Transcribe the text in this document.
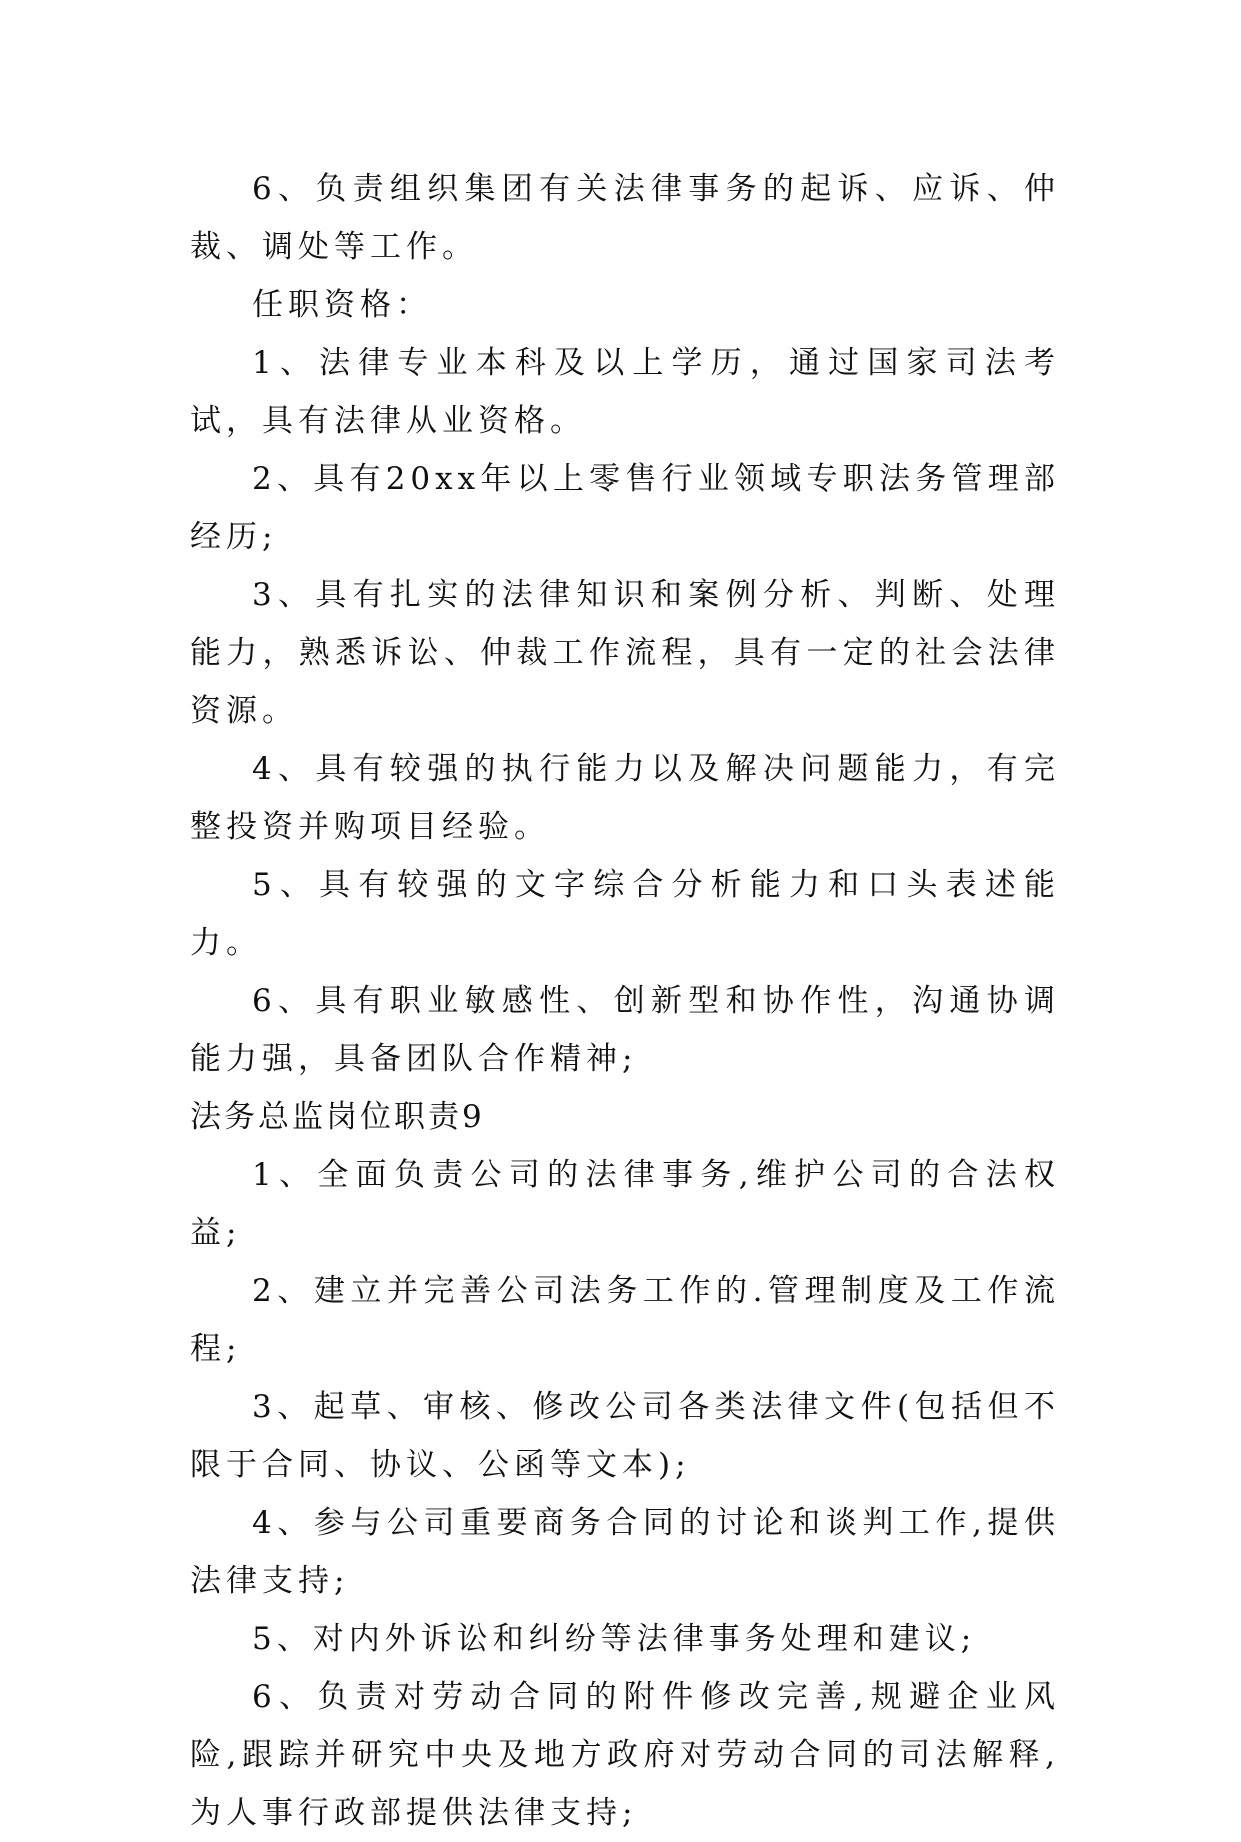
6、负责组织集团有关法律事务的起诉、应诉、仲裁、调处等工作。

任职资格：

1、法律专业本科及以上学历，通过国家司法考试，具有法律从业资格。

2、具有20xx年以上零售行业领域专职法务管理部经历;

3、具有扎实的法律知识和案例分析、判断、处理能力，熟悉诉讼、仲裁工作流程，具有一定的社会法律资源。

4、具有较强的执行能力以及解决问题能力，有完整投资并购项目经验。

5、具有较强的文字综合分析能力和口头表述能力。

6、具有职业敏感性、创新型和协作性，沟通协调能力强，具备团队合作精神;

法务总监岗位职责9

1、全面负责公司的法律事务,维护公司的合法权益;

2、建立并完善公司法务工作的.管理制度及工作流程;

3、起草、审核、修改公司各类法律文件(包括但不限于合同、协议、公函等文本);

4、参与公司重要商务合同的讨论和谈判工作,提供法律支持;

5、对内外诉讼和纠纷等法律事务处理和建议;

6、负责对劳动合同的附件修改完善,规避企业风险,跟踪并研究中央及地方政府对劳动合同的司法解释,为人事行政部提供法律支持;
